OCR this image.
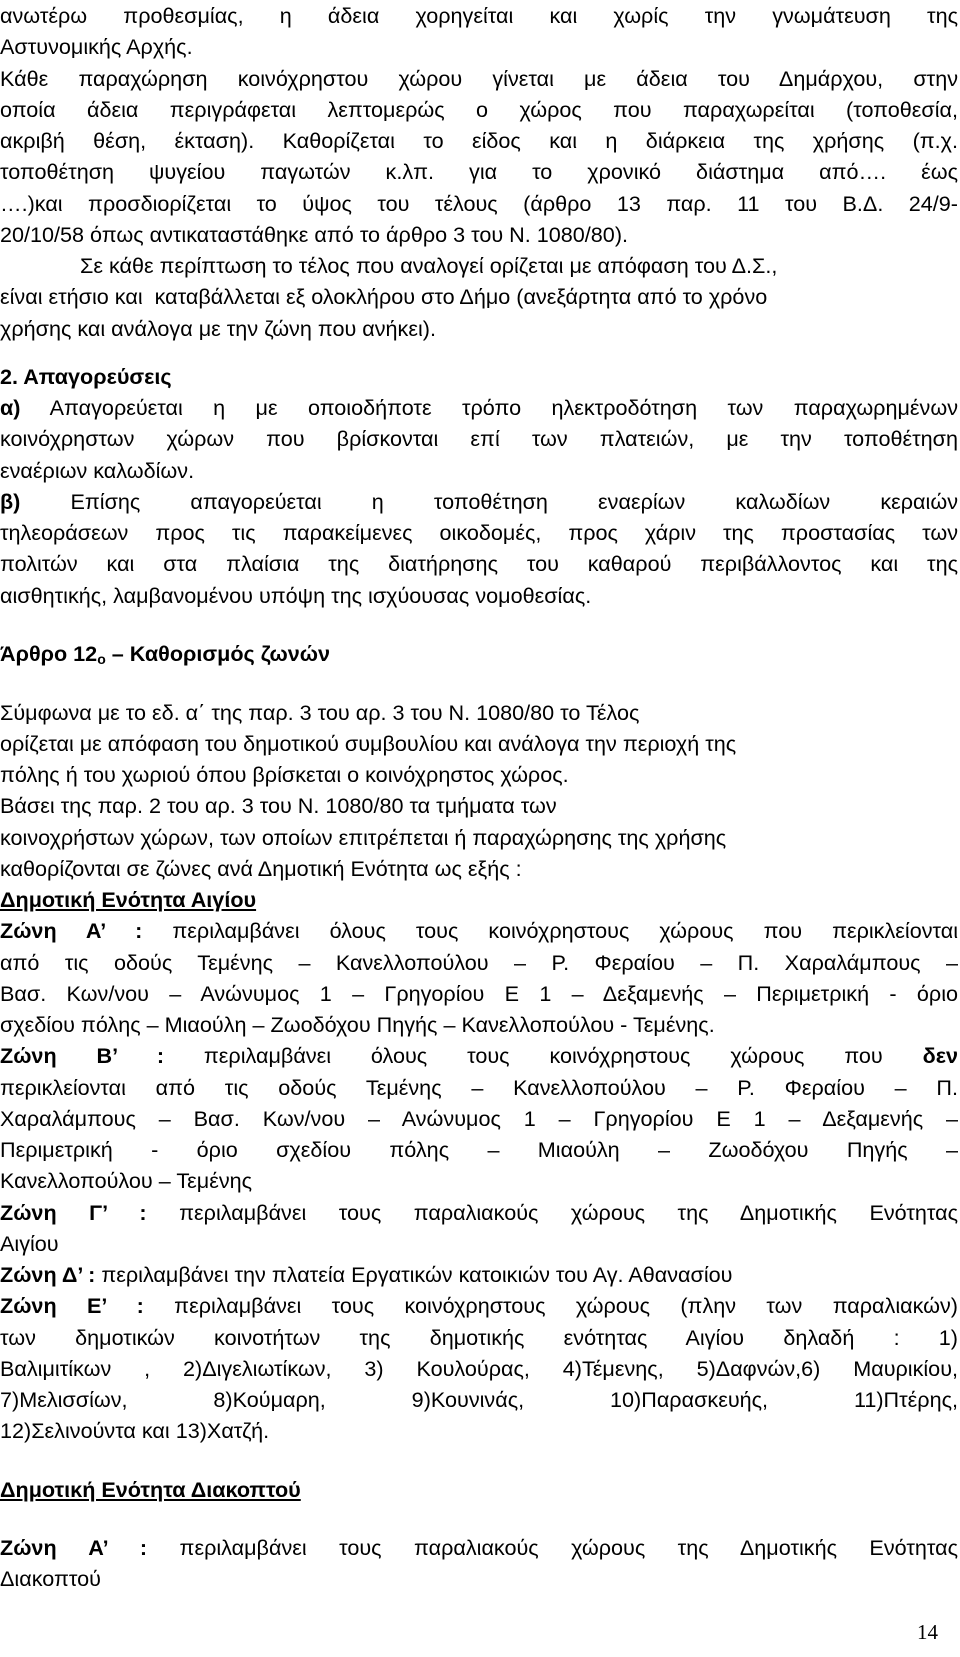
ανωτέρω προθεσμίας, η άδεια χορηγείται και χωρίς την γνωμάτευση της
Αστυνομικής Αρχής.
Κάθε παραχώρηση κοινόχρηστου χώρου γίνεται με άδεια του Δημάρχου, στην
οποία άδεια περιγράφεται λεπτομερώς ο χώρος που παραχωρείται (τοποθεσία,
ακριβή θέση, έκταση). Καθορίζεται το είδος και η διάρκεια της χρήσης (π.χ.
τοποθέτηση ψυγείου παγωτών κ.λπ. για το χρονικό διάστημα από…. έως
….)και προσδιορίζεται το ύψος του τέλους (άρθρο 13 παρ. 11 του Β.Δ. 24/9-
20/10/58 όπως αντικαταστάθηκε από το άρθρο 3 του Ν. 1080/80).
Σε κάθε περίπτωση το τέλος που αναλογεί ορίζεται με απόφαση του Δ.Σ.,
είναι ετήσιο και  καταβάλλεται εξ ολοκλήρου στο Δήμο (ανεξάρτητα από το χρόνο
χρήσης και ανάλογα με την ζώνη που ανήκει).
2. Απαγορεύσεις
α) Απαγορεύεται η με οποιοδήποτε τρόπο ηλεκτροδότηση των παραχωρημένων
κοινόχρηστων χώρων που βρίσκονται επί των πλατειών, με την τοποθέτηση
εναέριων καλωδίων.
β) Επίσης απαγορεύεται η τοποθέτηση εναερίων καλωδίων κεραιών
τηλεοράσεων προς τις παρακείμενες οικοδομές, προς χάριν της προστασίας των
πολιτών και στα πλαίσια της διατήρησης του καθαρού περιβάλλοντος και της
αισθητικής, λαμβανομένου υπόψη της ισχύουσας νομοθεσίας.
Άρθρο $12_o$ – Καθορισμός ζωνών
Σύμφωνα με το εδ. α΄ της παρ. 3 του αρ. 3 του Ν. 1080/80 το Τέλος
ορίζεται με απόφαση του δημοτικού συμβουλίου και ανάλογα την περιοχή της
πόλης ή του χωριού όπου βρίσκεται ο κοινόχρηστος χώρος.
Βάσει της παρ. 2 του αρ. 3 του Ν. 1080/80 τα τμήματα των
κοινοχρήστων χώρων, των οποίων επιτρέπεται ή παραχώρησης της χρήσης
καθορίζονται σε ζώνες ανά Δημοτική Ενότητα ως εξής :
Δημοτική Ενότητα Αιγίου
Ζώνη Α’ : περιλαμβάνει όλους τους κοινόχρηστους χώρους που περικλείονται
από τις οδούς Τεμένης – Κανελλοπούλου – Ρ. Φεραίου – Π. Χαραλάμπους –
Βασ. Κων/νου – Ανώνυμος 1 – Γρηγορίου Ε 1 – Δεξαμενής – Περιμετρική - όριο
σχεδίου πόλης – Μιαούλη – Ζωοδόχου Πηγής – Κανελλοπούλου - Τεμένης.
Ζώνη Β’ : περιλαμβάνει όλους τους κοινόχρηστους χώρους που δεν
περικλείονται από τις οδούς Τεμένης – Κανελλοπούλου – Ρ. Φεραίου – Π.
Χαραλάμπους – Βασ. Κων/νου – Ανώνυμος 1 – Γρηγορίου Ε 1 – Δεξαμενής –
Περιμετρική - όριο σχεδίου πόλης – Μιαούλη – Ζωοδόχου Πηγής –
Κανελλοπούλου – Τεμένης
Ζώνη Γ’ : περιλαμβάνει τους παραλιακούς χώρους της Δημοτικής Ενότητας
Αιγίου
Ζώνη Δ’ : περιλαμβάνει την πλατεία Εργατικών κατοικιών του Αγ. Αθανασίου
Ζώνη Ε’ : περιλαμβάνει τους κοινόχρηστους χώρους (πλην των παραλιακών)
των δημοτικών κοινοτήτων της δημοτικής ενότητας Αιγίου δηλαδή : 1)
Βαλιμιτίκων , 2)Διγελιωτίκων, 3) Κουλούρας, 4)Τέμενης, 5)Δαφνών,6) Μαυρικίου,
7)Μελισσίων, 8)Κούμαρη, 9)Κουνινάς, 10)Παρασκευής, 11)Πτέρης,
12)Σελινούντα και 13)Χατζή.
Δημοτική Ενότητα Διακοπτού
Ζώνη Α’ : περιλαμβάνει τους παραλιακούς χώρους της Δημοτικής Ενότητας
Διακοπτού
14
